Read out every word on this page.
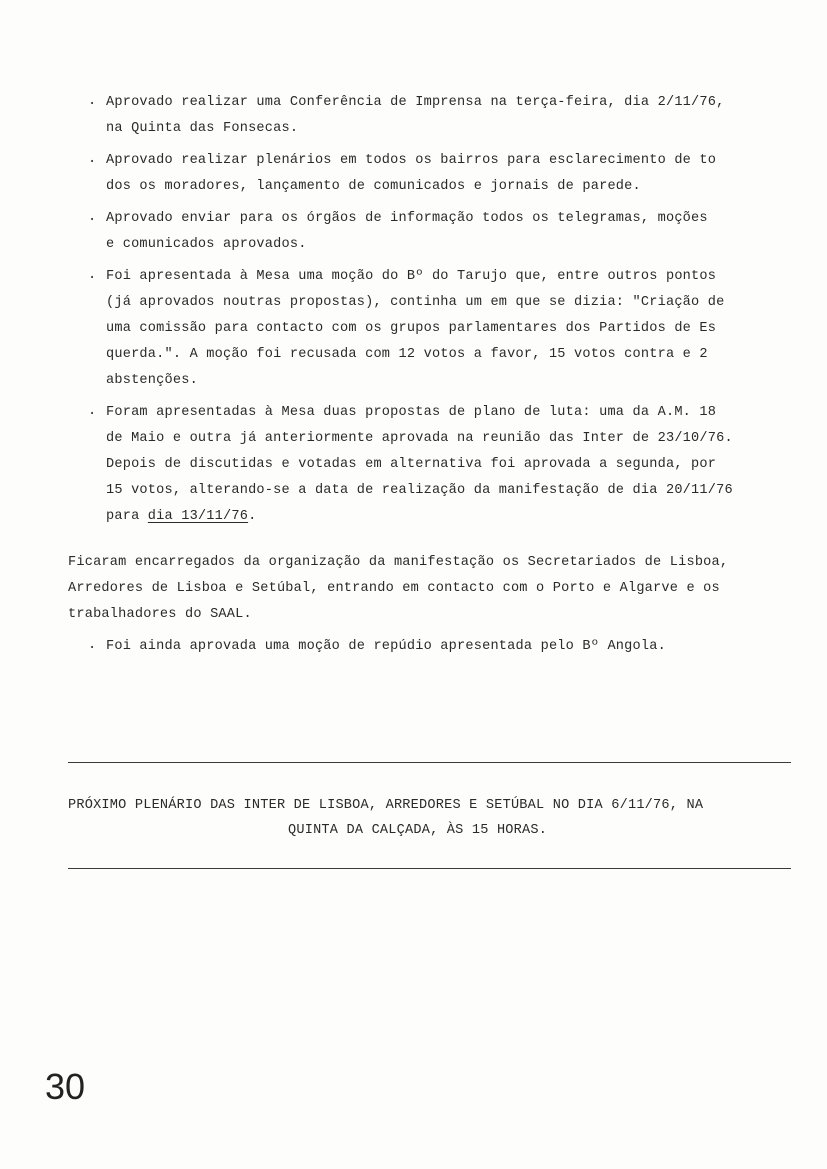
. Aprovado realizar uma Conferência de Imprensa na terça-feira, dia 2/11/76,
na Quinta das Fonsecas.
. Aprovado realizar plenários em todos os bairros para esclarecimento de to
dos os moradores, lançamento de comunicados e jornais de parede.
. Aprovado enviar para os órgãos de informação todos os telegramas, moções
e comunicados aprovados.
. Foi apresentada à Mesa uma moção do Bº do Tarujo que, entre outros pontos
(já aprovados noutras propostas), continha um em que se dizia: "Criação de
uma comissão para contacto com os grupos parlamentares dos Partidos de Es
querda.". A moção foi recusada com 12 votos a favor, 15 votos contra e 2
abstenções.
. Foram apresentadas à Mesa duas propostas de plano de luta: uma da A.M. 18
de Maio e outra já anteriormente aprovada na reunião das Inter de 23/10/76.
Depois de discutidas e votadas em alternativa foi aprovada a segunda, por
15 votos, alterando-se a data de realização da manifestação de dia 20/11/76
para dia 13/11/76.
Ficaram encarregados da organização da manifestação os Secretariados de Lisboa,
Arredores de Lisboa e Setúbal, entrando em contacto com o Porto e Algarve e os
trabalhadores do SAAL.
. Foi ainda aprovada uma moção de repúdio apresentada pelo Bº Angola.
PRÓXIMO PLENÁRIO DAS INTER DE LISBOA, ARREDORES E SETÚBAL NO DIA 6/11/76, NA
QUINTA DA CALÇADA, ÀS 15 HORAS.
30
